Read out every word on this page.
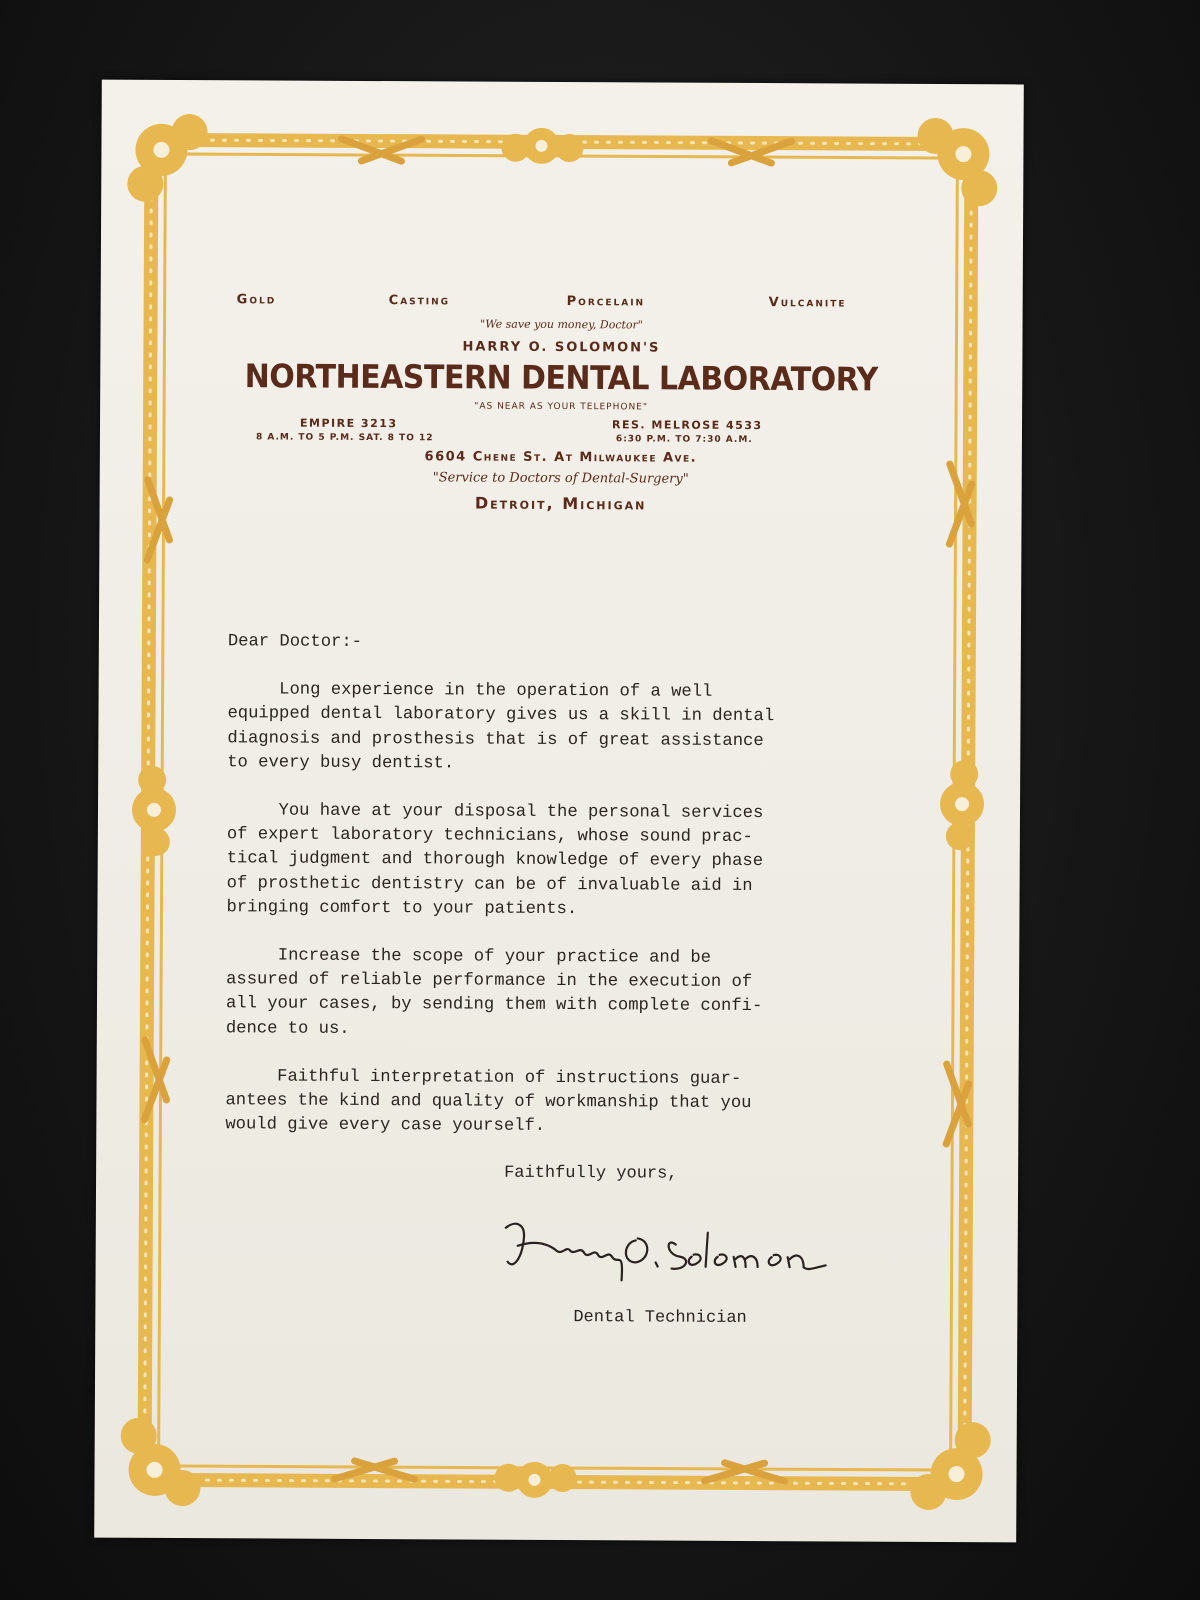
Gold	Casting	Porcelain	Vulcanite
"We save you money, Doctor"
HARRY O. SOLOMON'S
NORTHEASTERN DENTAL LABORATORY
"AS NEAR AS YOUR TELEPHONE"
EMPIRE 3213	RES. MELROSE 4533
8 A.M. TO 5 P.M. SAT. 8 TO 12	6:30 P.M. TO 7:30 A.M.
6604 Chene St. At Milwaukee Ave.
"Service to Doctors of Dental-Surgery"
Detroit, Michigan
Dear Doctor:-
Long experience in the operation of a well
equipped dental laboratory gives us a skill in dental
diagnosis and prosthesis that is of great assistance
to every busy dentist.
You have at your disposal the personal services
of expert laboratory technicians, whose sound prac-
tical judgment and thorough knowledge of every phase
of prosthetic dentistry can be of invaluable aid in
bringing comfort to your patients.
Increase the scope of your practice and be
assured of reliable performance in the execution of
all your cases, by sending them with complete confi-
dence to us.
Faithful interpretation of instructions guar-
antees the kind and quality of workmanship that you
would give every case yourself.
Faithfully yours,
Dental Technician
